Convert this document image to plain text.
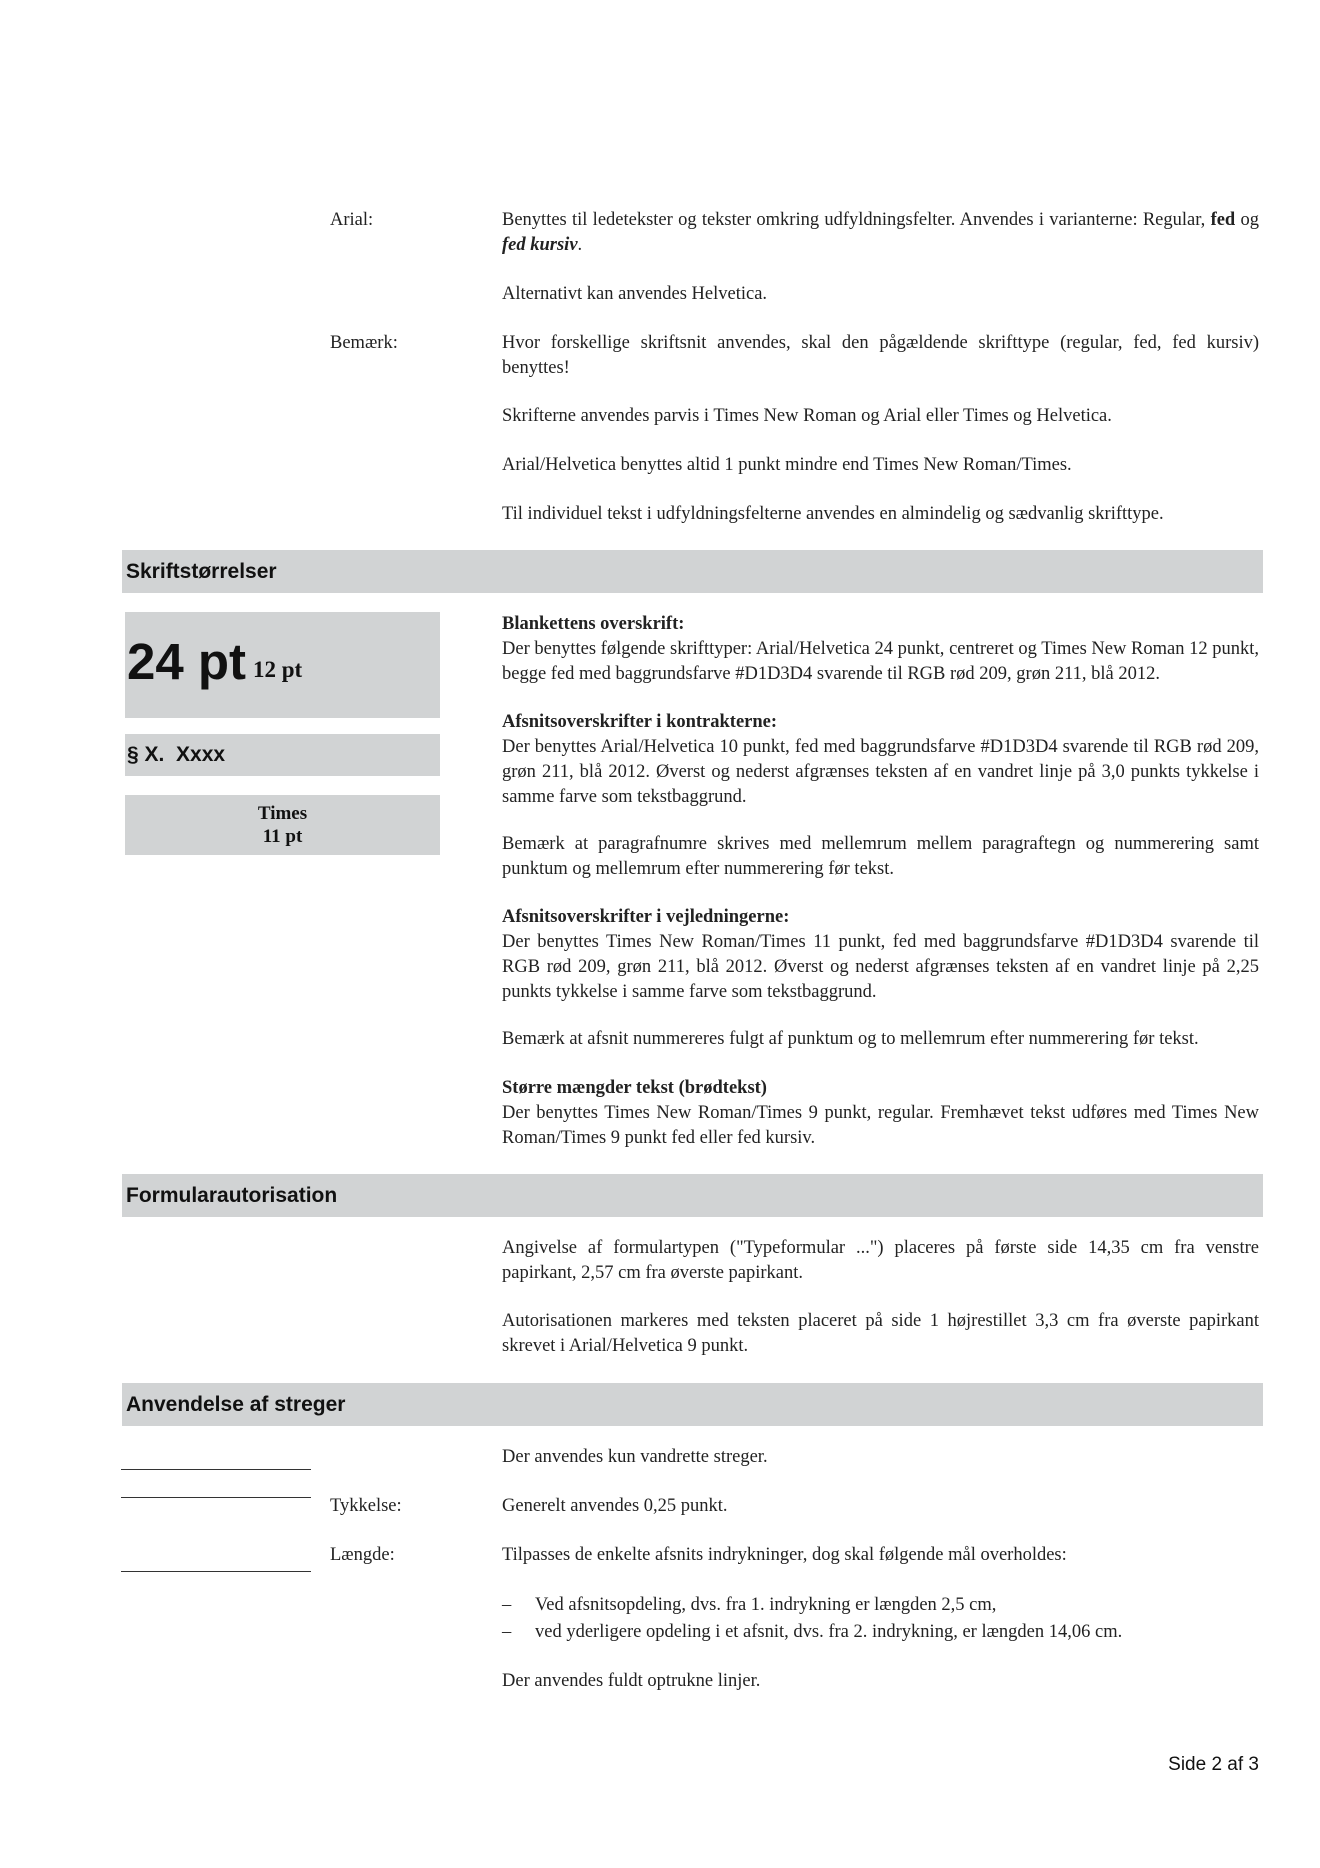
Arial:	Benyttes til ledetekster og tekster omkring udfyldningsfelter. Anvendes i varianterne: Regular, fed og fed kursiv.
Alternativt kan anvendes Helvetica.
Bemærk:	Hvor forskellige skriftsnit anvendes, skal den pågældende skrifttype (regular, fed, fed kursiv) benyttes!
Skrifterne anvendes parvis i Times New Roman og Arial eller Times og Helvetica.
Arial/Helvetica benyttes altid 1 punkt mindre end Times New Roman/Times.
Til individuel tekst i udfyldningsfelterne anvendes en almindelig og sædvanlig skrifttype.
Skriftstørrelser
24 pt 12 pt
§ X.  Xxxx
Times
11 pt
Blankettens overskrift:
Der benyttes følgende skrifttyper: Arial/Helvetica 24 punkt, centreret og Times New Roman 12 punkt, begge fed med baggrundsfarve #D1D3D4 svarende til RGB rød 209, grøn 211, blå 2012.
Afsnitsoverskrifter i kontrakterne:
Der benyttes Arial/Helvetica 10 punkt, fed med baggrundsfarve #D1D3D4 svarende til RGB rød 209, grøn 211, blå 2012. Øverst og nederst afgrænses teksten af en vandret linje på 3,0 punkts tykkelse i samme farve som tekstbaggrund.
Bemærk at paragrafnumre skrives med mellemrum mellem paragraftegn og nummerering samt punktum og mellemrum efter nummerering før tekst.
Afsnitsoverskrifter i vejledningerne:
Der benyttes Times New Roman/Times 11 punkt, fed med baggrundsfarve #D1D3D4 svarende til RGB rød 209, grøn 211, blå 2012. Øverst og nederst afgrænses teksten af en vandret linje på 2,25 punkts tykkelse i samme farve som tekstbaggrund.
Bemærk at afsnit nummereres fulgt af punktum og to mellemrum efter nummerering før tekst.
Større mængder tekst (brødtekst)
Der benyttes Times New Roman/Times 9 punkt, regular. Fremhævet tekst udføres med Times New Roman/Times 9 punkt fed eller fed kursiv.
Formularautorisation
Angivelse af formulartypen ("Typeformular ...") placeres på første side 14,35 cm fra venstre papirkant, 2,57 cm fra øverste papirkant.
Autorisationen markeres med teksten placeret på side 1 højrestillet 3,3 cm fra øverste papirkant skrevet i Arial/Helvetica 9 punkt.
Anvendelse af streger
Der anvendes kun vandrette streger.
Tykkelse:	Generelt anvendes 0,25 punkt.
Længde:	Tilpasses de enkelte afsnits indrykninger, dog skal følgende mål overholdes:
– Ved afsnitsopdeling, dvs. fra 1. indrykning er længden 2,5 cm,
– ved yderligere opdeling i et afsnit, dvs. fra 2. indrykning, er længden 14,06 cm.
Der anvendes fuldt optrukne linjer.
Side 2 af 3
